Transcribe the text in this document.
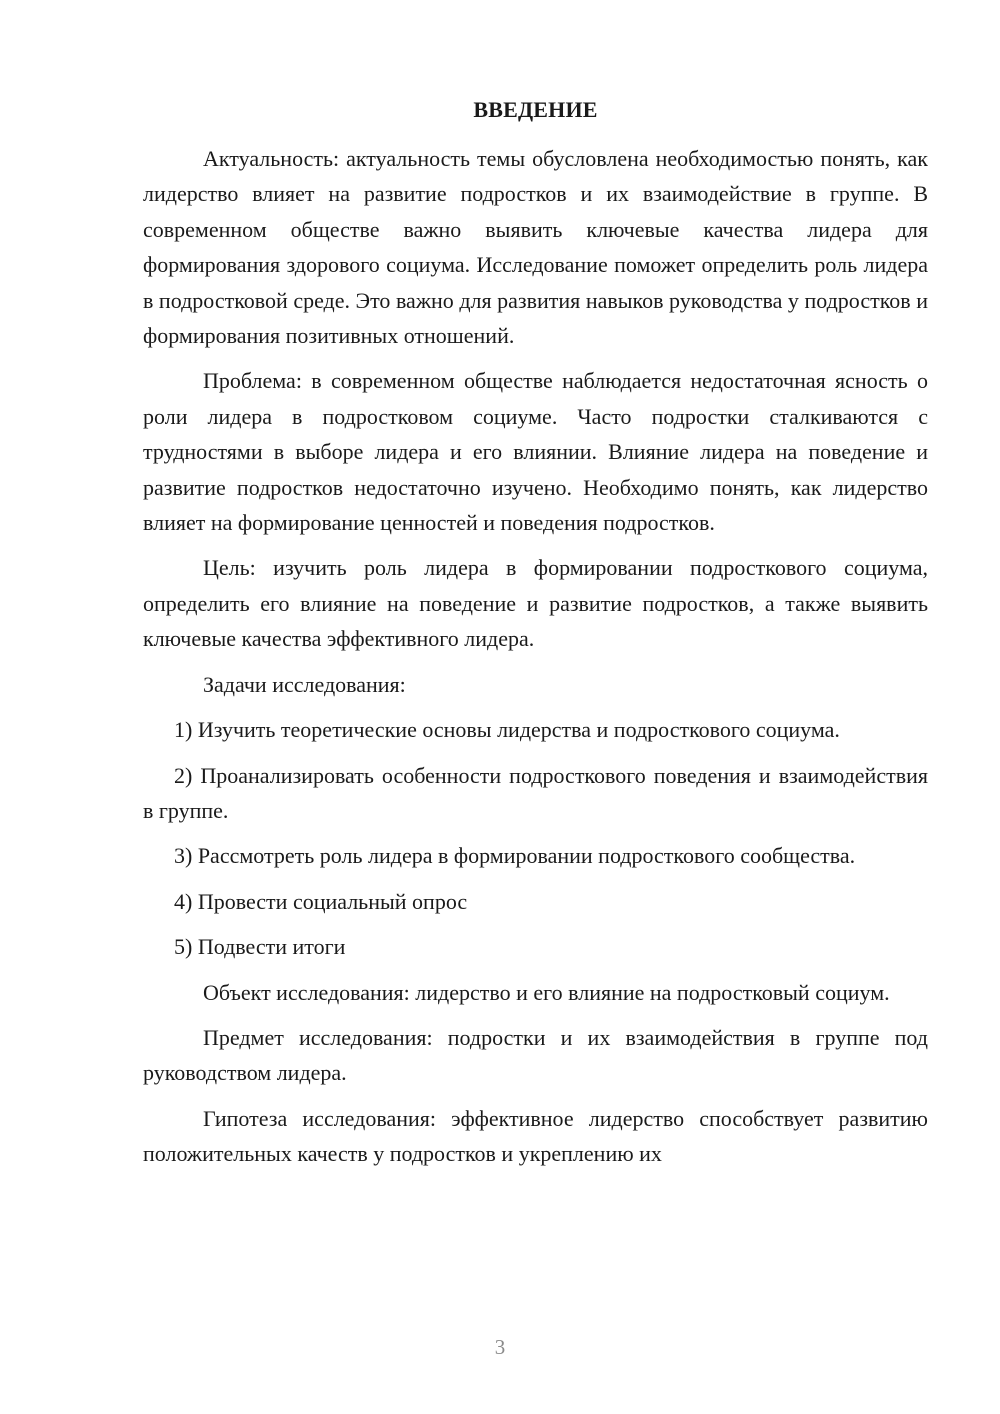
ВВЕДЕНИЕ

Актуальность: актуальность темы обусловлена необходимостью понять, как лидерство влияет на развитие подростков и их взаимодействие в группе. В современном обществе важно выявить ключевые качества лидера для формирования здорового социума. Исследование поможет определить роль лидера в подростковой среде. Это важно для развития навыков руководства у подростков и формирования позитивных отношений.

Проблема: в современном обществе наблюдается недостаточная ясность о роли лидера в подростковом социуме. Часто подростки сталкиваются с трудностями в выборе лидера и его влиянии. Влияние лидера на поведение и развитие подростков недостаточно изучено. Необходимо понять, как лидерство влияет на формирование ценностей и поведения подростков.

Цель: изучить роль лидера в формировании подросткового социума, определить его влияние на поведение и развитие подростков, а также выявить ключевые качества эффективного лидера.

Задачи исследования:

1) Изучить теоретические основы лидерства и подросткового социума.

2) Проанализировать особенности подросткового поведения и взаимодействия в группе.

3) Рассмотреть роль лидера в формировании подросткового сообщества.

4) Провести социальный опрос

5) Подвести итоги

Объект исследования: лидерство и его влияние на подростковый социум.

Предмет исследования: подростки и их взаимодействия в группе под руководством лидера.

Гипотеза исследования: эффективное лидерство способствует развитию положительных качеств у подростков и укреплению их

3
